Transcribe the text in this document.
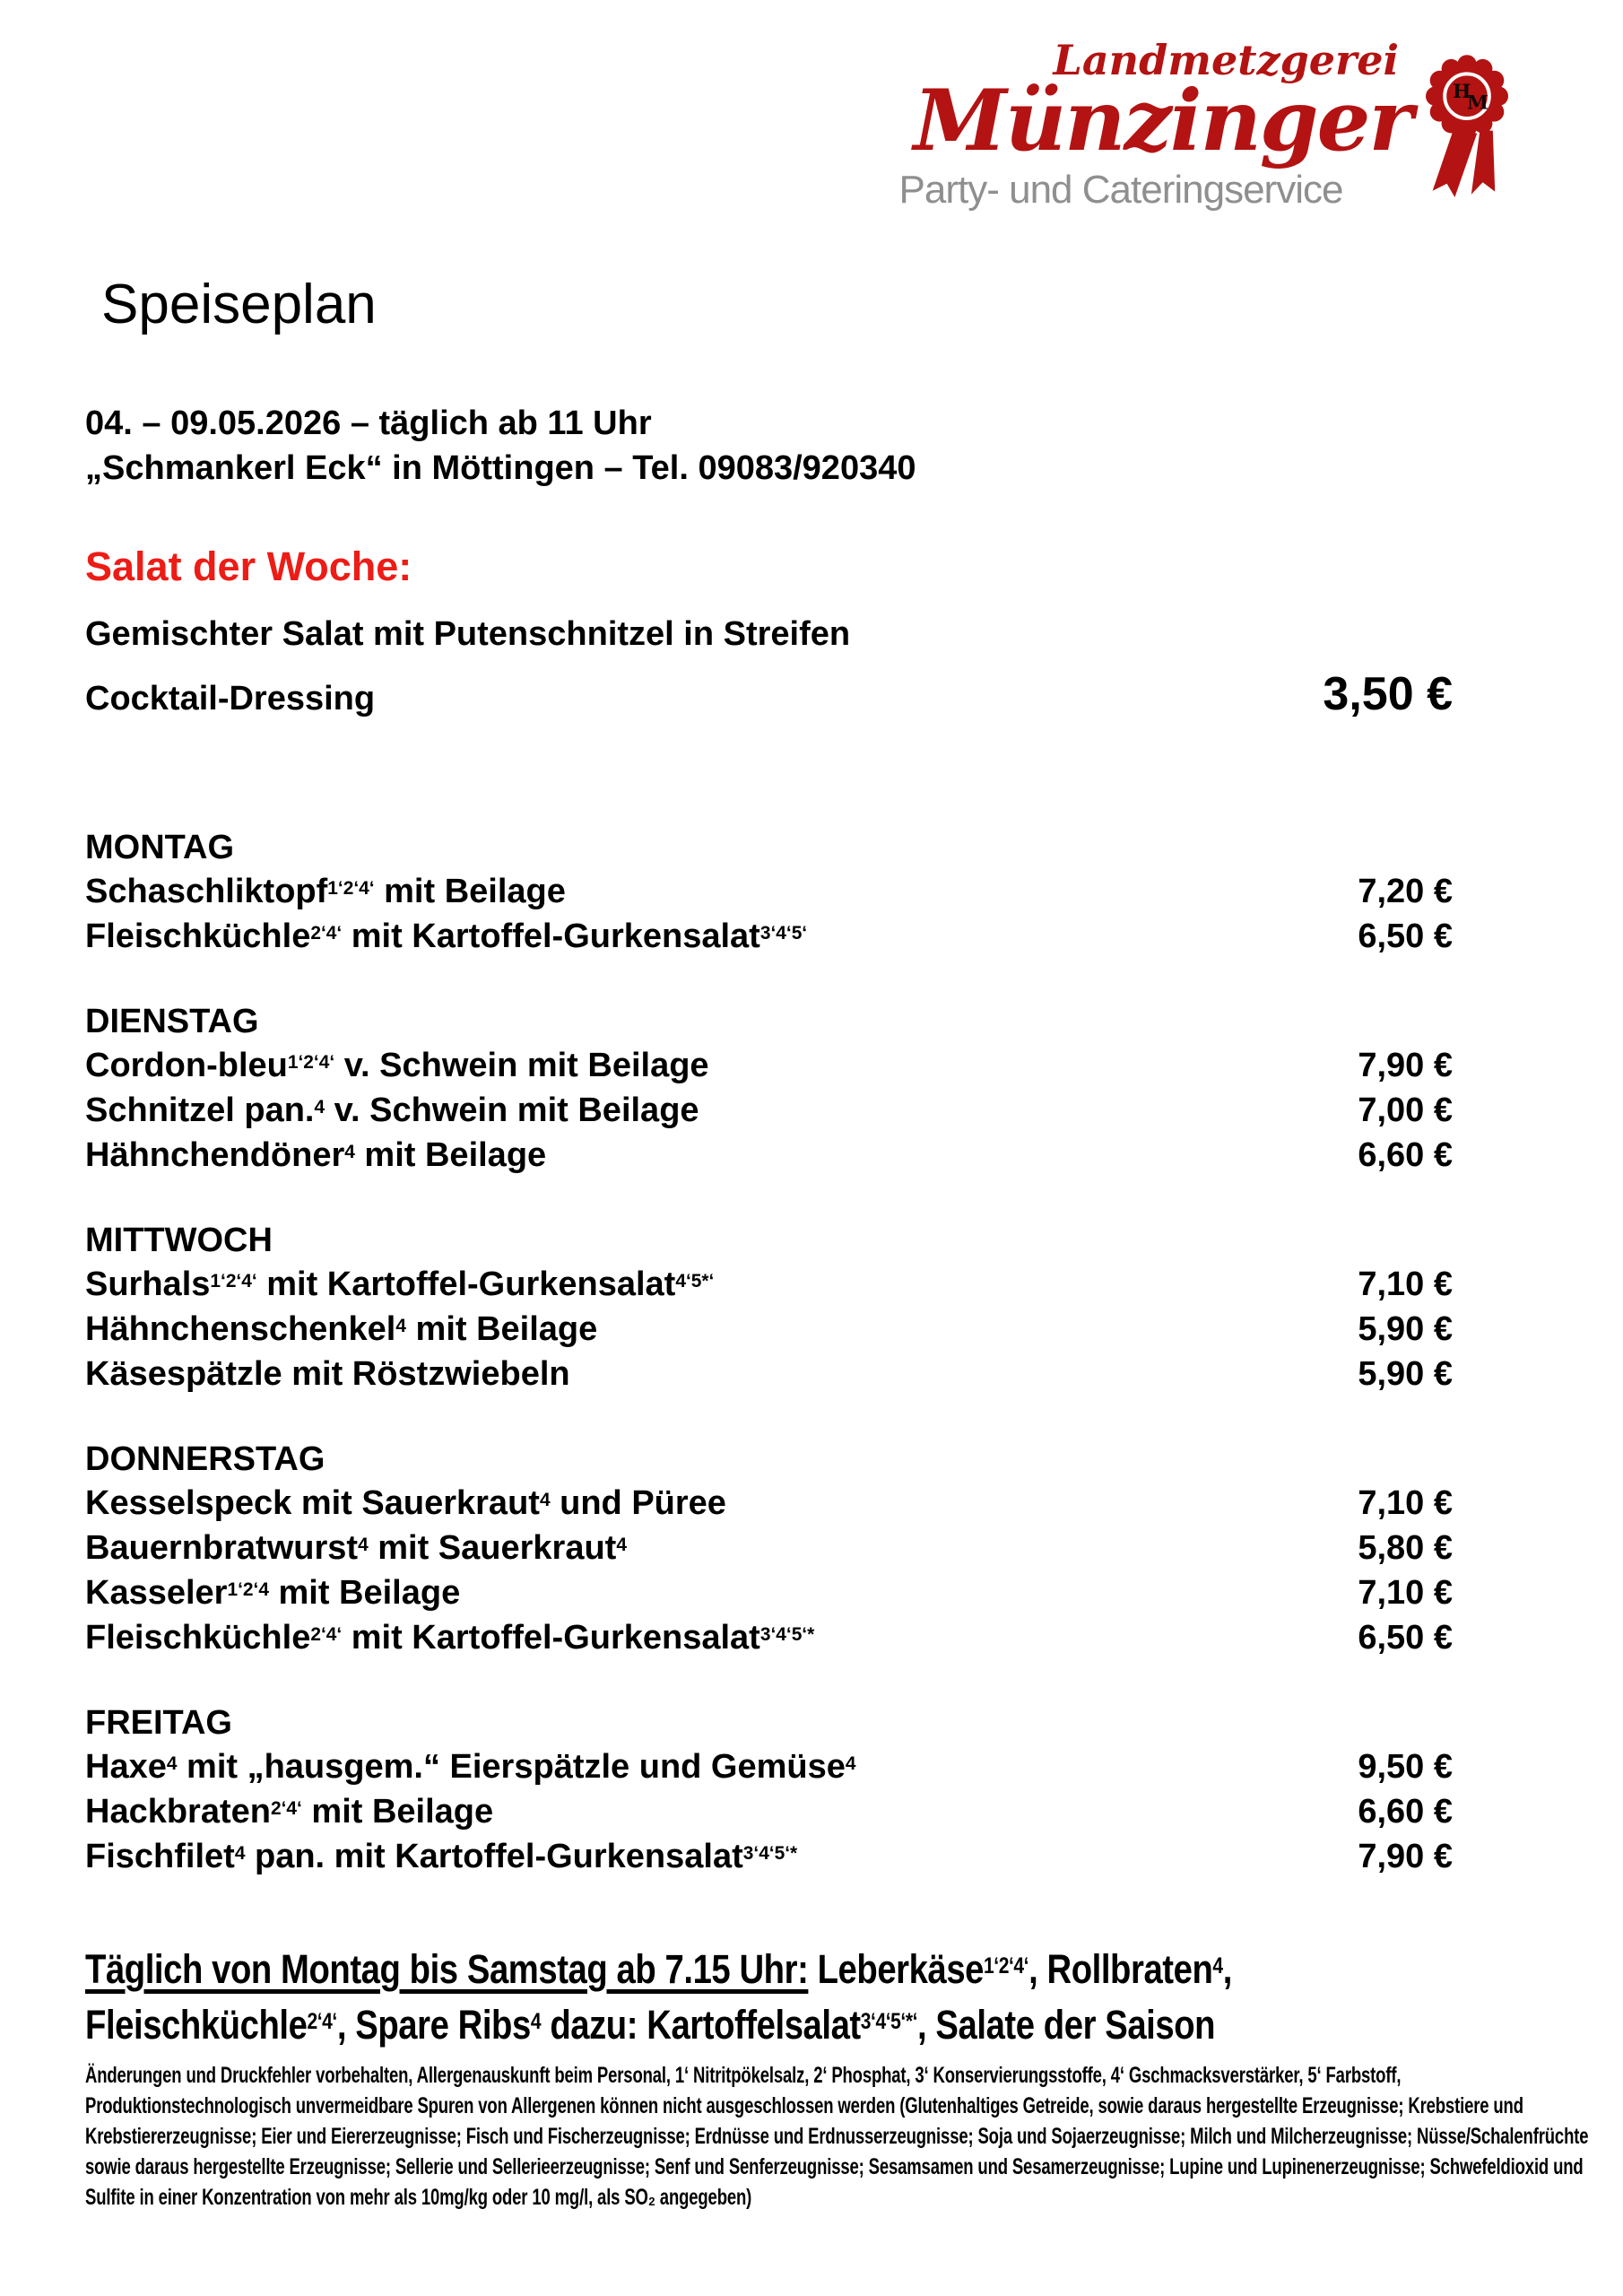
Landmetzgerei
Münzinger
Party- und Cateringservice
H
M
Speiseplan
04. – 09.05.2026 – täglich ab 11 Uhr
„Schmankerl Eck“ in Möttingen – Tel. 09083/920340
Salat der Woche:
Gemischter Salat mit Putenschnitzel in Streifen
Cocktail-Dressing	3,50 €
MONTAG
Schaschliktopf$^{1‘2‘4‘}$ mit Beilage	7,20 €
Fleischküchle$^{2‘4‘}$ mit Kartoffel-Gurkensalat$^{3‘4‘5‘}$	6,50 €
DIENSTAG
Cordon-bleu$^{1‘2‘4‘}$ v. Schwein mit Beilage	7,90 €
Schnitzel pan.$^4$ v. Schwein mit Beilage	7,00 €
Hähnchendöner$^4$ mit Beilage	6,60 €
MITTWOCH
Surhals$^{1‘2‘4‘}$ mit Kartoffel-Gurkensalat$^{4‘5*‘}$	7,10 €
Hähnchenschenkel$^4$ mit Beilage	5,90 €
Käsespätzle mit Röstzwiebeln	5,90 €
DONNERSTAG
Kesselspeck mit Sauerkraut$^4$ und Püree	7,10 €
Bauernbratwurst$^4$ mit Sauerkraut$^4$	5,80 €
Kasseler$^{1‘2‘4}$ mit Beilage	7,10 €
Fleischküchle$^{2‘4‘}$ mit Kartoffel-Gurkensalat$^{3‘4‘5‘*}$	6,50 €
FREITAG
Haxe$^4$ mit „hausgem.“ Eierspätzle und Gemüse$^4$	9,50 €
Hackbraten$^{2‘4‘}$ mit Beilage	6,60 €
Fischfilet$^4$ pan. mit Kartoffel-Gurkensalat$^{3‘4‘5‘*}$	7,90 €
Täglich von Montag bis Samstag ab 7.15 Uhr: Leberkäse$^{1‘2‘4‘}$, Rollbraten$^4$,
Fleischküchle$^{2‘4‘}$, Spare Ribs$^4$ dazu: Kartoffelsalat$^{3‘4‘5‘*‘}$, Salate der Saison

Änderungen und Druckfehler vorbehalten, Allergenauskunft beim Personal, 1‘ Nitritpökelsalz, 2‘ Phosphat, 3‘ Konservierungsstoffe, 4‘ Gschmacksverstärker, 5‘ Farbstoff,

Produktionstechnologisch unvermeidbare Spuren von Allergenen können nicht ausgeschlossen werden (Glutenhaltiges Getreide, sowie daraus hergestellte Erzeugnisse; Krebstiere und Krebstiererzeugnisse; Eier und Eiererzeugnisse; Fisch und Fischerzeugnisse; Erdnüsse und Erdnusserzeugnisse; Soja und Sojaerzeugnisse; Milch und Milcherzeugnisse; Nüsse/Schalenfrüchte sowie daraus hergestellte Erzeugnisse; Sellerie und Sellerieerzeugnisse; Senf und Senferzeugnisse; Sesamsamen und Sesamerzeugnisse; Lupine und Lupinenerzeugnisse; Schwefeldioxid und Sulfite in einer Konzentration von mehr als 10mg/kg oder 10 mg/l, als SO₂ angegeben)
